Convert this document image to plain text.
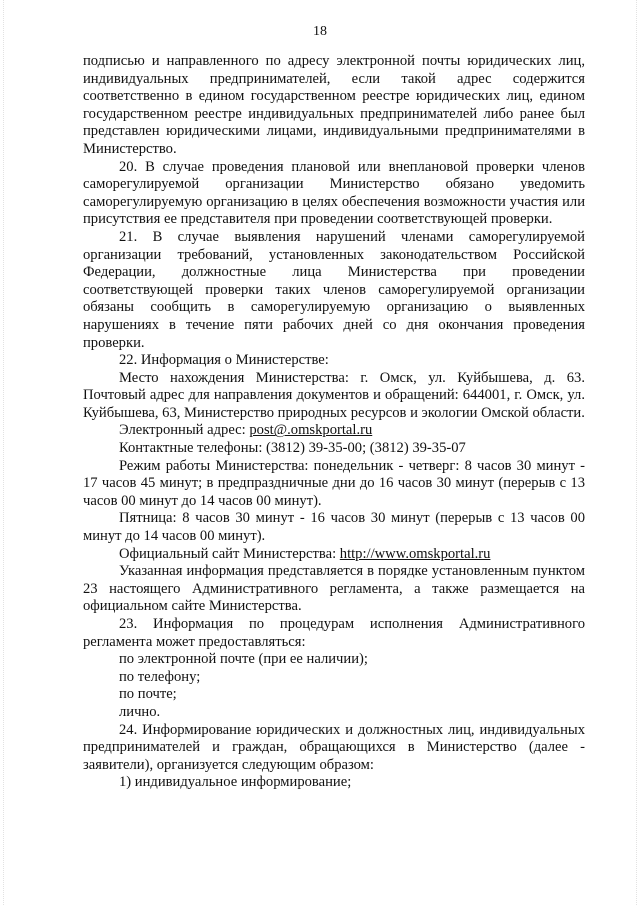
18

подписью и направленного по адресу электронной почты юридических лиц, индивидуальных предпринимателей, если такой адрес содержится соответственно в едином государственном реестре юридических лиц, едином государственном реестре индивидуальных предпринимателей либо ранее был представлен юридическими лицами, индивидуальными предпринимателями в Министерство.

20. В случае проведения плановой или внеплановой проверки членов саморегулируемой организации Министерство обязано уведомить саморегулируемую организацию в целях обеспечения возможности участия или присутствия ее представителя при проведении соответствующей проверки.

21. В случае выявления нарушений членами саморегулируемой организации требований, установленных законодательством Российской Федерации, должностные лица Министерства при проведении соответствующей проверки таких членов саморегулируемой организации обязаны сообщить в саморегулируемую организацию о выявленных нарушениях в течение пяти рабочих дней со дня окончания проведения проверки.

22. Информация о Министерстве:

Место нахождения Министерства: г. Омск, ул. Куйбышева, д. 63. Почтовый адрес для направления документов и обращений: 644001, г. Омск, ул. Куйбышева, 63, Министерство природных ресурсов и экологии Омской области.

Электронный адрес: post@.omskportal.ru

Контактные телефоны: (3812) 39-35-00; (3812) 39-35-07

Режим работы Министерства: понедельник - четверг: 8 часов 30 минут - 17 часов 45 минут; в предпраздничные дни до 16 часов 30 минут (перерыв с 13 часов 00 минут до 14 часов 00 минут).

Пятница: 8 часов 30 минут - 16 часов 30 минут (перерыв с 13 часов 00 минут до 14 часов 00 минут).

Официальный сайт Министерства: http://www.omskportal.ru

Указанная информация представляется в порядке установленным пунктом 23 настоящего Административного регламента, а также размещается на официальном сайте Министерства.

23. Информация по процедурам исполнения Административного регламента может предоставляться:

по электронной почте (при ее наличии);

по телефону;

по почте;

лично.

24. Информирование юридических и должностных лиц, индивидуальных предпринимателей и граждан, обращающихся в Министерство (далее - заявители), организуется следующим образом:

1) индивидуальное информирование;
